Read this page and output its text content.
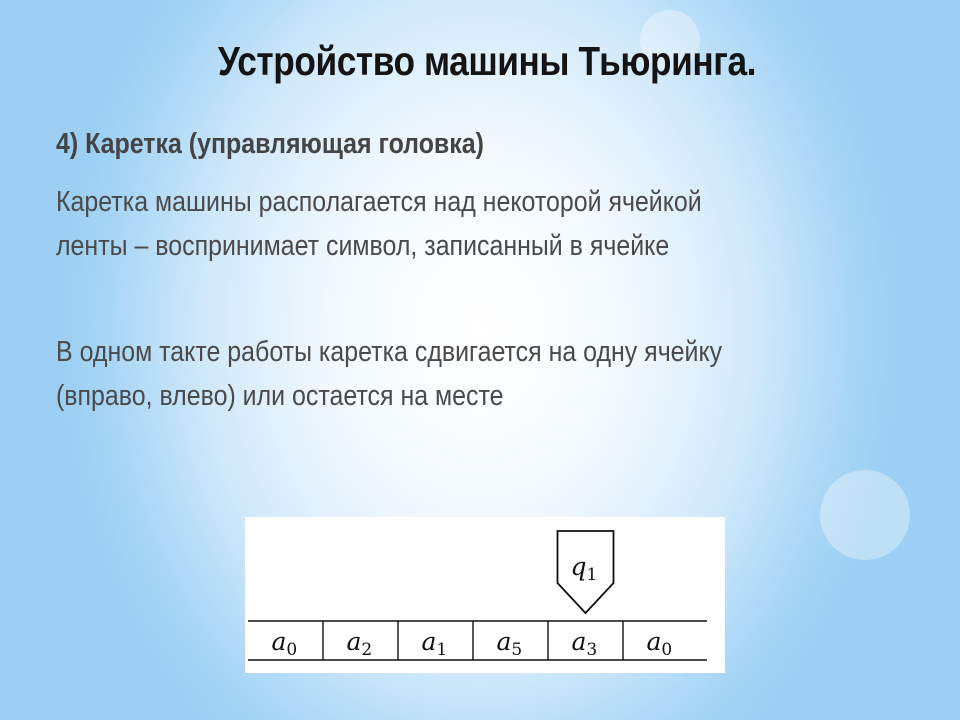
Устройство машины Тьюринга.
4) Каретка (управляющая головка)
Каретка машины располагается над некоторой ячейкой
ленты – воспринимает символ, записанный в ячейке
В одном такте работы каретка сдвигается на одну ячейку
(вправо, влево) или остается на месте
$a_0$ $a_2$ $a_1$ $a_5$ $a_3$ $a_0$
$q_1$
